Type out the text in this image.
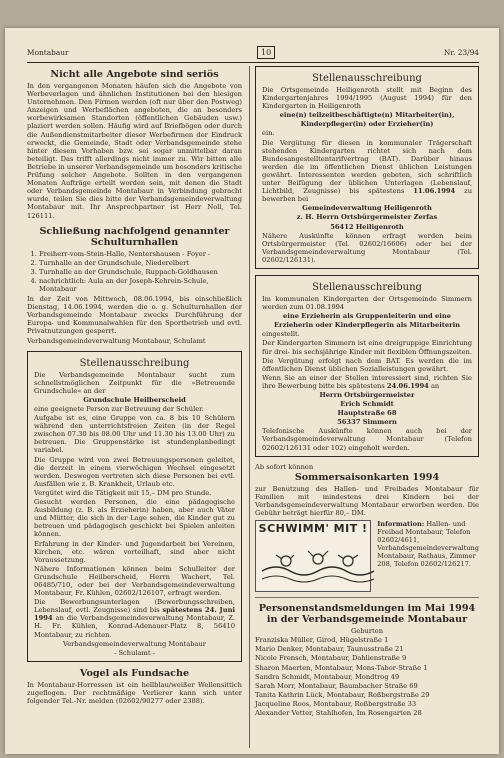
Montabaur	10	Nr. 23/94
Nicht alle Angebote sind seriös

In den vergangenen Monaten häufen sich die Angebote von Werbeverlagen und ähnlichen Institutionen bei den hiesigen Unternehmen. Den Firmen werden (oft nur über den Postweg) Anzeigen und Werbeflächen angeboten, die an besonders werbewirksamen Standorten (öffentlichen Gebäuden usw.) plaziert werden sollen. Häufig wird auf Briefbögen oder durch die Außendienstmitarbeiter dieser Werbefirmen der Eindruck erweckt, die Gemeinde, Stadt oder Verbandsgemeinde stehe hinter diesem Vorhaben bzw. sei sogar unmittelbar daran beteiligt. Das trifft allerdings nicht immer zu. Wir bitten alle Betriebe in unserer Verbandsgemeinde um besonders kritische Prüfung solcher Angebote. Sollten in den vergangenen Monaten Aufträge erteilt worden sein, mit denen die Stadt oder Verbandsgemeinde Montabaur in Verbindung gebracht wurde, teilen Sie dies bitte der Verbandsgemeindeverwaltung Montabaur mit. Ihr Ansprechpartner ist Herr Noll, Tel. 126111.

Schließung nachfolgend genannter Schulturnhallen
1. Freiherr-vom-Stein-Halle, Nentershausen - Foyer -
2. Turnhalle an der Grundschule, Niederelbert
3. Turnhalle an der Grundschule, Ruppach-Goldhausen
4. nachrichtlich: Aula an der Joseph-Kehrein-Schule, Montabaur

In der Zeit von Mittwoch, 08.06.1994, bis einschließlich Dienstag, 14.06.1994, werden die o. g. Schulturnhallen der Verbandsgemeinde Montabaur zwecks Durchführung der Europa- und Kommunalwahlen für den Sportbetrieb und evtl. Privatnutzungen gesperrt.

Verbandsgemeindeverwaltung Montabaur, Schulamt

Stellenausschreibung

Die Verbandsgemeinde Montabaur sucht zum schnellstmöglichen Zeitpunkt für die »Betreuende Grundschule« an der

Grundschule Heilberscheid

eine geeignete Person zur Betreuung der Schüler.

Aufgabe ist es, eine Gruppe von ca. 8 bis 10 Schülern während den unterrichtsfreien Zeiten (in der Regel zwischen 07.30 bis 08.00 Uhr und 11.30 bis 13.00 Uhr) zu betreuen. Die Gruppenstärke ist stundenplanbedingt variabel.

Die Gruppe wird von zwei Betreuungspersonen geleitet, die derzeit in einem vierwöchigen Wechsel eingesetzt werden. Deswegen vertreten sich diese Personen bei evtl. Ausfällen wie z. B. Krankheit, Urlaub etc.

Vergütet wird die Tätigkeit mit 15,– DM pro Stunde.

Gesucht werden Personen, die eine pädagogische Ausbildung (z. B. als Erzieherin) haben, aber auch Väter und Mütter, die sich in der Lage sehen, die Kinder gut zu betreuen und pädagogisch geschickt bei Spielen anleiten können.

Erfahrung in der Kinder- und Jugendarbeit bei Vereinen, Kirchen, etc. wären vorteilhaft, sind aber nicht Voraussetzung.

Nähere Informationen können beim Schulleiter der Grundschule Heilberscheid, Herrn Wachert, Tel. 06485/710, oder bei der Verbandsgemeindeverwaltung Montabaur, Fr. Kühlen, 02602/126107, erfragt werden.

Die Bewerbungsunterlagen (Bewerbungsschreiben, Lebenslauf, evtl. Zeugnisse) sind bis spätestens 24. Juni 1994 an die Verbandsgemeindeverwaltung Montabaur, Z. H. Fr. Kühlen, Konrad-Adenauer-Platz 8, 56410 Montabaur, zu richten.

Verbandsgemeindeverwaltung Montabaur

- Schulamt -

Vogel als Fundsache

In Montabaur-Horressen ist ein hellblau/weißer Wellensittich zugeflogen. Der rechtmäßige Verlierer kann sich unter folgender Tel.-Nr. melden (02602/90277 oder 2388).

Stellenausschreibung

Die Ortsgemeinde Heiligenroth stellt mit Beginn des Kindergartenjahres 1994/1995 (August 1994) für den Kindergarten in Heiligenroth

eine(n) teilzeitbeschäftigte(n) Mitarbeiter(in),

Kinderpfleger(in) oder Erzieher(in)

ein.

Die Vergütung für diesen in kommunaler Trägerschaft stehenden Kindergarten richtet sich nach dem Bundesangestelltentarifvertrag (BAT). Darüber hinaus werden die im öffentlichen Dienst üblichen Leistungen gewährt. Interessenten werden gebeten, sich schriftlich unter Beifügung der üblichen Unterlagen (Lebenslauf, Lichtbild, Zeugnisse) bis spätestens 11.06.1994 zu bewerben bei

Gemeindeverwaltung Heiligenroth

z. H. Herrn Ortsbürgermeister Zerfas

56412 Heiligenroth

Nähere Auskünfte können erfragt werden beim Ortsbürgermeister (Tel. 02602/16606) oder bei der Verbandsgemeindeverwaltung Montabaur (Tel. 02602/126131).

Stellenausschreibung

Im kommunalen Kindergarten der Ortsgemeinde Simmern werden zum 01.08.1994

eine Erzieherin als Gruppenleiterin und eine

Erzieherin oder Kinderpflegerin als Mitarbeiterin

eingestellt.

Der Kindergarten Simmern ist eine dreigruppige Einrichtung für drei- bis sechsjährige Kinder mit flexiblen Öffnungszeiten.

Die Vergütung erfolgt nach dem BAT. Es werden die im öffentlichen Dienst üblichen Sozialleistungen gewährt.

Wenn Sie an einer der Stellen interessiert sind, richten Sie ihre Bewerbung bitte bis spätestens 24.06.1994 an

Herrn Ortsbürgermeister

Erich Schmidt

Hauptstraße 68

56337 Simmern

Telefonische Auskünfte können auch bei der Verbandsgemeindeverwaltung Montabaur (Telefon 02602/126131 oder 102) eingeholt werden.

Ab sofort können

Sommersaisonkarten 1994

zur Benutzung des Hallen- und Freibades Montabaur für Familien mit mindestens drei Kindern bei der Verbandsgemeindeverwaltung Montabaur erworben werden. Die Gebühr beträgt hierfür 80,– DM.

SCHWIMM' MIT !	Information: Hallen- und Freibad Montabaur, Telefon 02602/4611, Verbandsgemeindeverwaltung Montabaur, Rathaus, Zimmer 208, Telefon 02602/126217.
Personenstandsmeldungen im Mai 1994 in der Verbandsgemeinde Montabaur

Geburten

Franziska Müller, Girod, Hügelstraße 1
Mario Denker, Montabaur, Taunusstraße 21
Nicole Frensch, Montabaur, Dahlienstraße 9
Sharon Maerten, Montabaur, Mons-Tabor-Straße 1
Sandra Schmidt, Montabaur, Mondtrog 49
Sarah Morr, Montabaur, Baumbacher Straße 69
Tanita Kathrin Lück, Montabaur, Roßbergstraße 29
Jacqueline Roos, Montabaur, Roßbergstraße 33
Alexander Vetter, Stahlhofen, Im Rosengarten 28
